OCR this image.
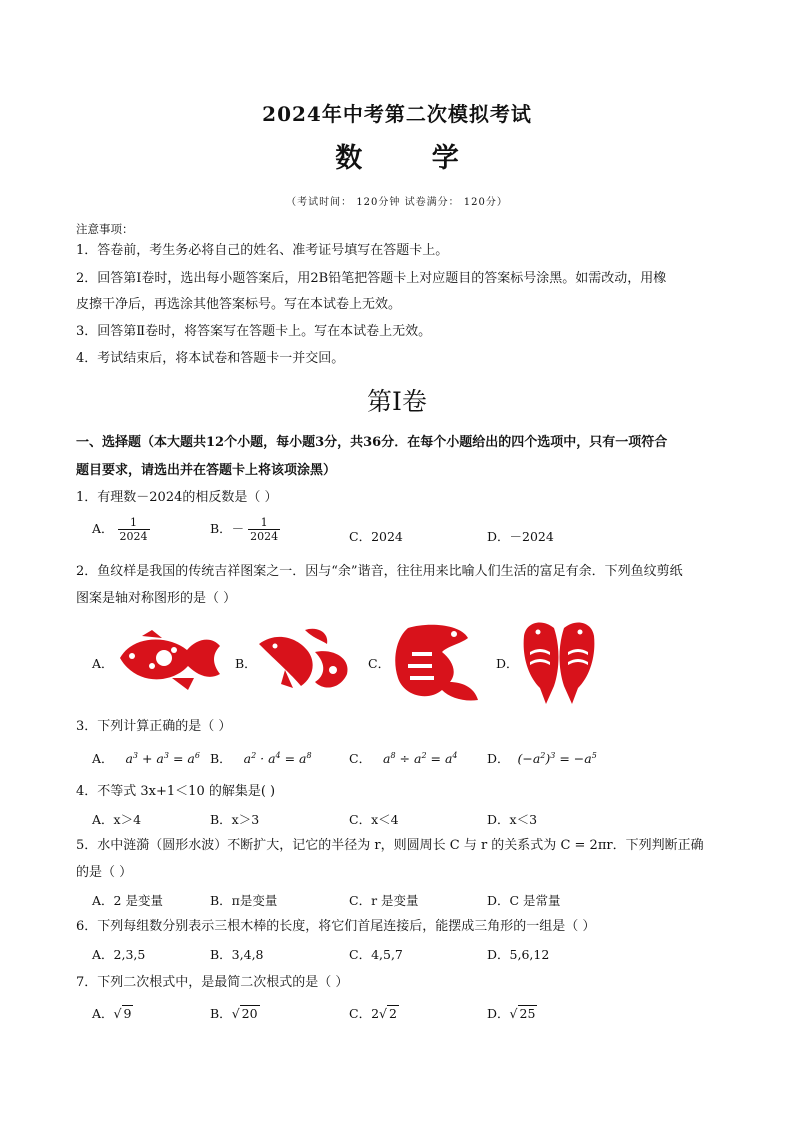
2024年中考第二次模拟考试
数 学
（考试时间： 120分钟 试卷满分： 120分）
注意事项：
1．答卷前，考生务必将自己的姓名、准考证号填写在答题卡上。
2．回答第Ⅰ卷时，选出每小题答案后，用2B铅笔把答题卡上对应题目的答案标号涂黑。如需改动，用橡
皮擦干净后，再选涂其他答案标号。写在本试卷上无效。
3．回答第Ⅱ卷时，将答案写在答题卡上。写在本试卷上无效。
4．考试结束后，将本试卷和答题卡一并交回。
第Ⅰ卷
一、选择题（本大题共12个小题，每小题3分，共36分．在每个小题给出的四个选项中，只有一项符合
题目要求，请选出并在答题卡上将该项涂黑）
1．有理数－2024的相反数是（ ）
A． $\frac{1}{2024}$	B．－ $\frac{1}{2024}$	C．2024	D．－2024
2．鱼纹样是我国的传统吉祥图案之一．因与“余”谐音，往往用来比喻人们生活的富足有余．下列鱼纹剪纸
图案是轴对称图形的是（ ）
A．	B．	C．	D．
3．下列计算正确的是（ ）
A．   $a^3 + a^3 = a^6$ B．   $a^2 \cdot a^4 = a^8$	C．   $a^8 \div a^2 = a^4$ D．  $(-a^2)^3 = -a^5$
4．不等式 3x+1＜10 的解集是( )
A．x＞4	B．x＞3	C．x＜4	D．x＜3
5．水中涟漪（圆形水波）不断扩大，记它的半径为 r，则圆周长 C 与 r 的关系式为 C = 2πr．下列判断正确
的是（ ）
A．2 是变量	B．π是变量	C．r 是变量	D．C 是常量
6．下列每组数分别表示三根木棒的长度，将它们首尾连接后，能摆成三角形的一组是（ ）
A．2,3,5	B．3,4,8	C．4,5,7	D．5,6,12
7．下列二次根式中，是最简二次根式的是（ ）
A．√ 9	B．√ 20	C．2√ 2	D．√ 25
